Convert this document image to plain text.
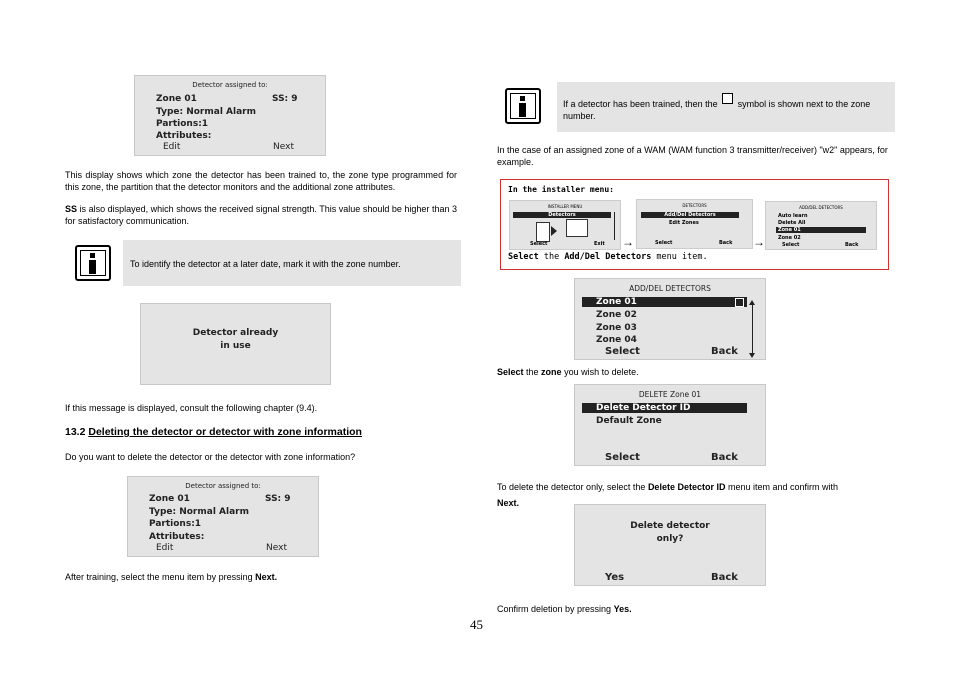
Detector assigned to:
Zone 01	SS: 9
Type: Normal Alarm
Partions:1
Attributes:
Edit	Next
This display shows which zone the detector has been trained to, the zone type programmed for this zone, the partition that the detector monitors and the additional zone attributes.
SS is also displayed, which shows the received signal strength. This value should be higher than 3 for satisfactory communication.
To identify the detector at a later date, mark it with the zone number.
Detector already
in use
If this message is displayed, consult the following chapter (9.4).
13.2 Deleting the detector or detector with zone information
Do you want to delete the detector or the detector with zone information?
Detector assigned to:
Zone 01	SS: 9
Type: Normal Alarm
Partions:1
Attributes:
Edit	Next
After training, select the menu item by pressing Next.
If a detector has been trained, then the symbol is shown next to the zone number.
In the case of an assigned zone of a WAM (WAM function 3 transmitter/receiver) "w2" appears, for example.
In the installer menu:
INSTALLER MENU
Detectors
Select	Exit →
DETECTORS
Add/Del Detectors
Edit Zones
Select	Back →
ADD/DEL DETECTORS
Auto learn
Delete All
Zone 01
Zone 02
Select	Back
Select the Add/Del Detectors menu item.
ADD/DEL DETECTORS
Zone 01
Zone 02
Zone 03
Zone 04
Select	Back
Select the zone you wish to delete.
DELETE Zone 01
Delete Detector ID
Default Zone
Select	Back
To delete the detector only, select the Delete Detector ID menu item and confirm with
Next.
Delete detector
only?
Yes	Back
Confirm deletion by pressing Yes.
45
